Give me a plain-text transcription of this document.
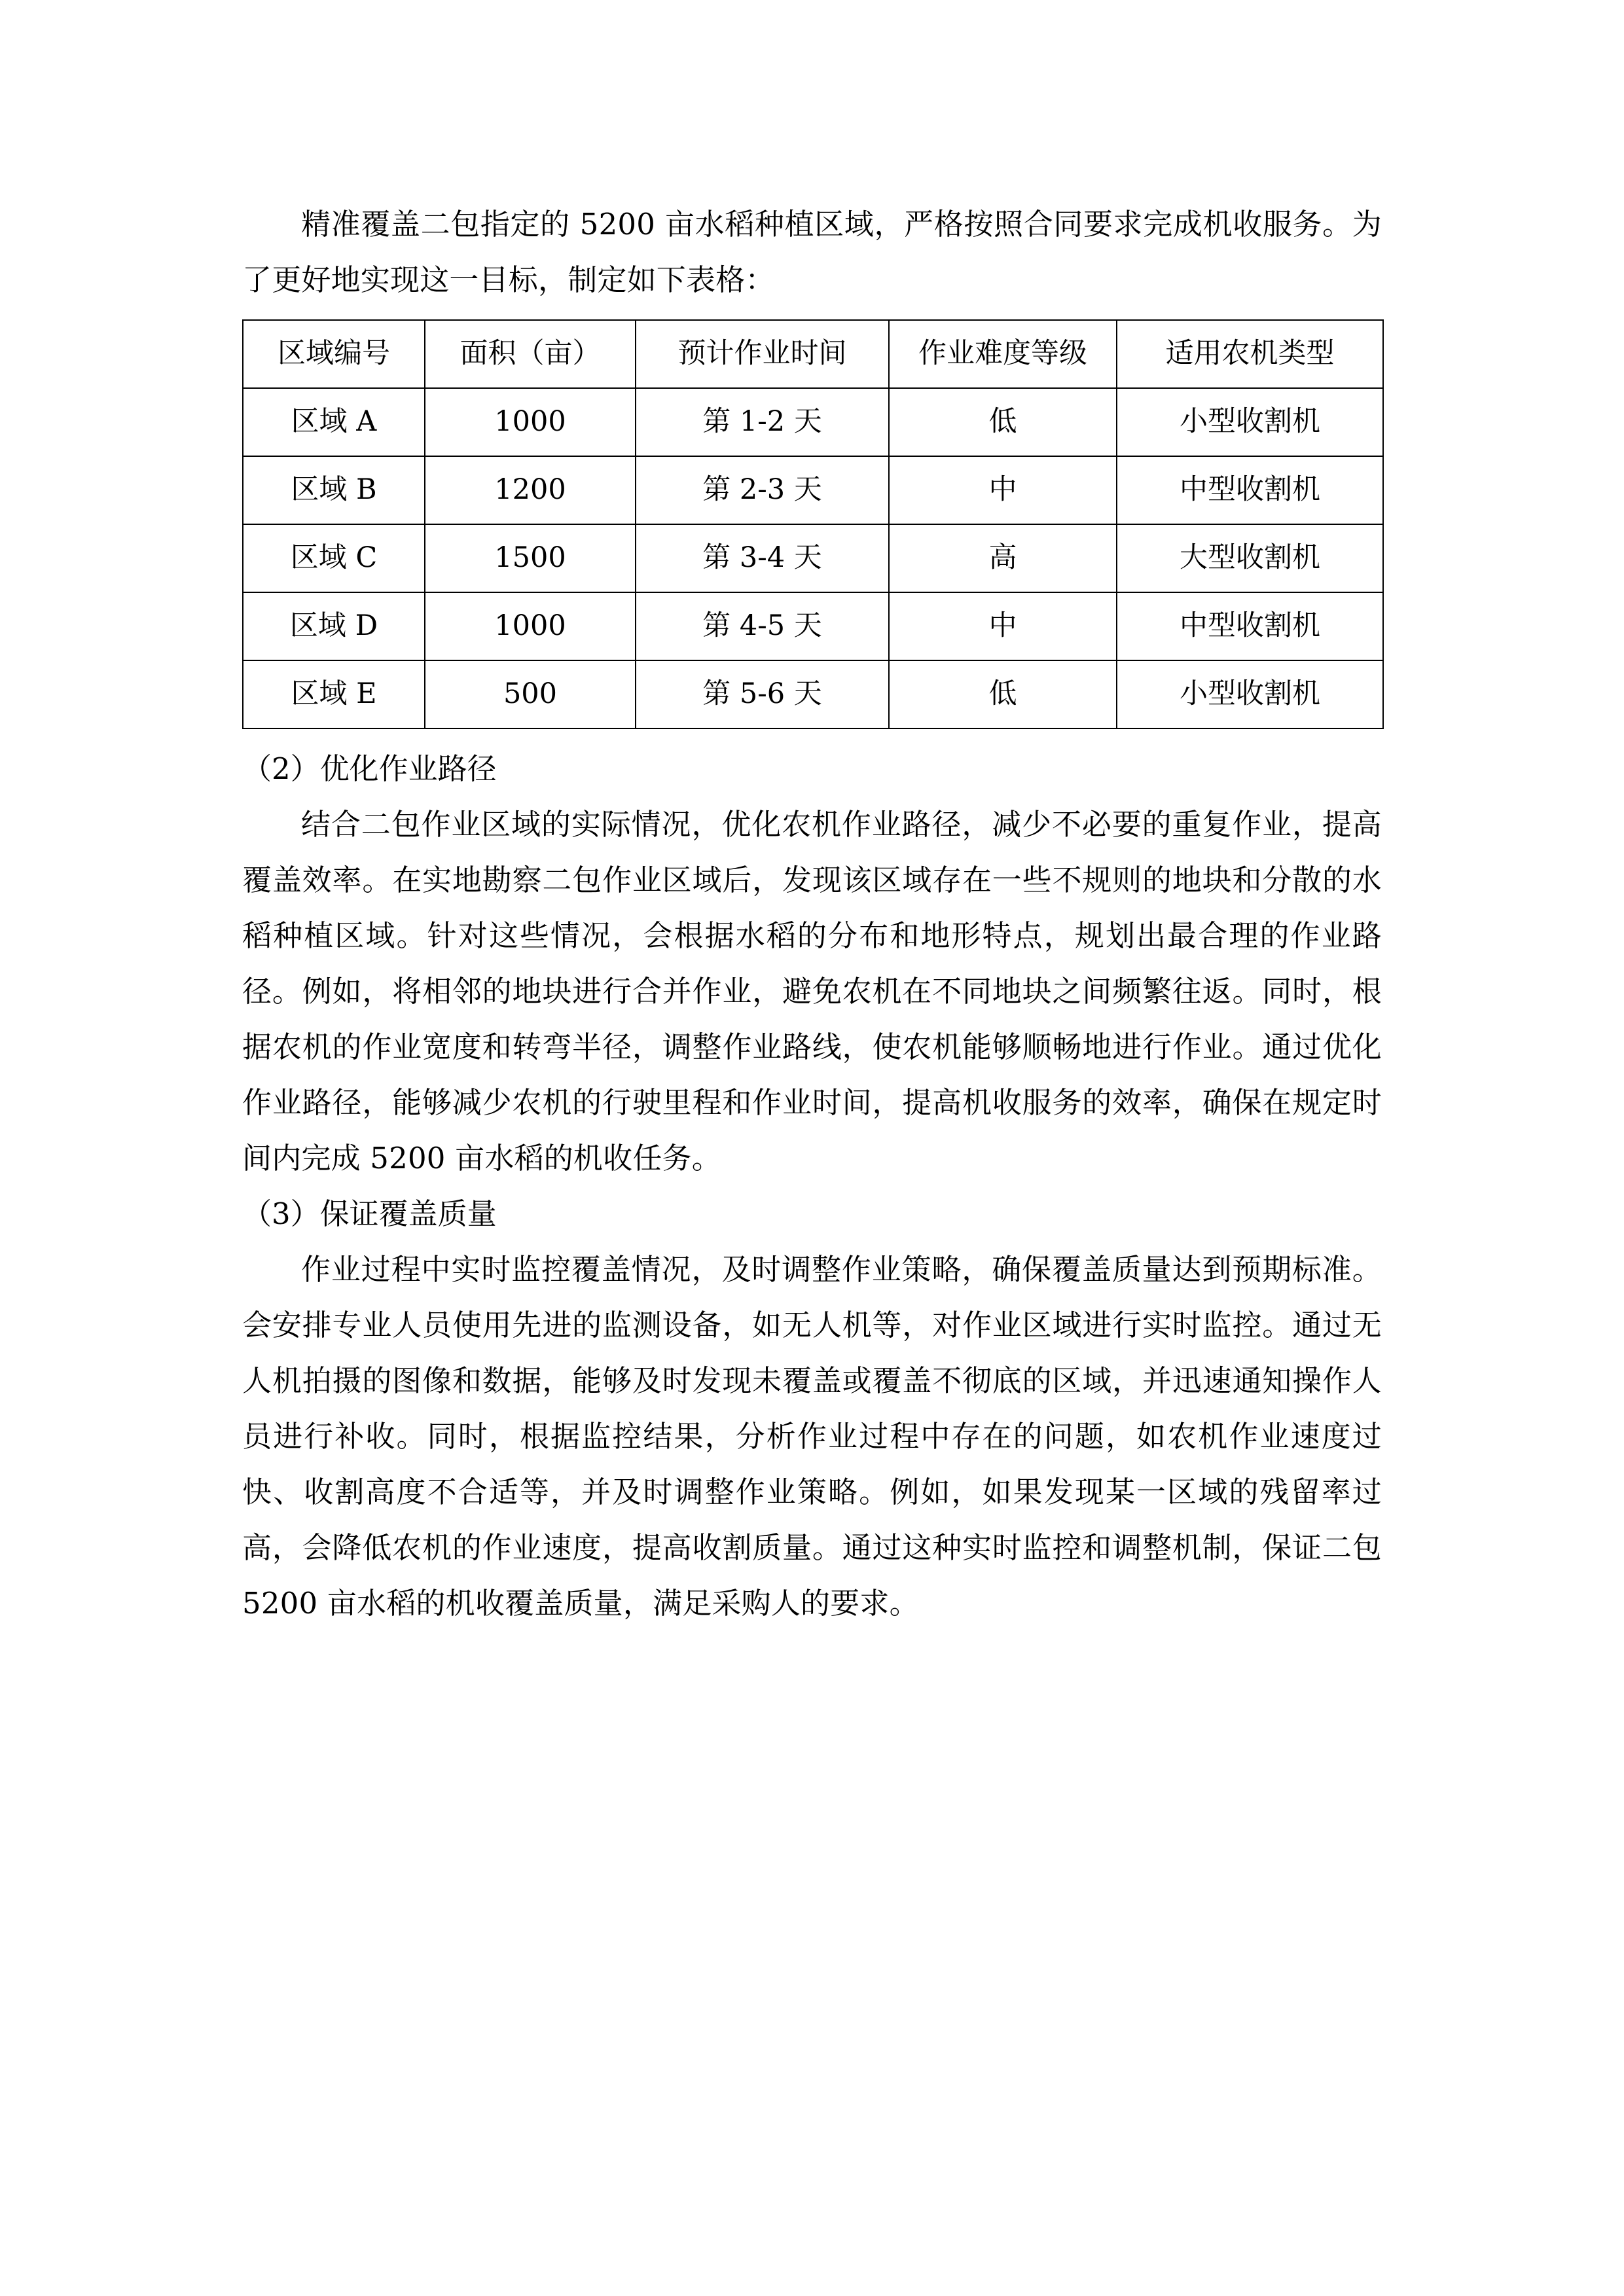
精准覆盖二包指定的 5200 亩水稻种植区域，严格按照合同要求完成机收服务。为了更好地实现这一目标，制定如下表格：

区域编号	面积（亩）	预计作业时间	作业难度等级	适用农机类型
区域 A	1000	第 1-2 天	低	小型收割机
区域 B	1200	第 2-3 天	中	中型收割机
区域 C	1500	第 3-4 天	高	大型收割机
区域 D	1000	第 4-5 天	中	中型收割机
区域 E	500	第 5-6 天	低	小型收割机

（2）优化作业路径

结合二包作业区域的实际情况，优化农机作业路径，减少不必要的重复作业，提高覆盖效率。在实地勘察二包作业区域后，发现该区域存在一些不规则的地块和分散的水稻种植区域。针对这些情况，会根据水稻的分布和地形特点，规划出最合理的作业路径。例如，将相邻的地块进行合并作业，避免农机在不同地块之间频繁往返。同时，根据农机的作业宽度和转弯半径，调整作业路线，使农机能够顺畅地进行作业。通过优化作业路径，能够减少农机的行驶里程和作业时间，提高机收服务的效率，确保在规定时间内完成 5200 亩水稻的机收任务。

（3）保证覆盖质量

作业过程中实时监控覆盖情况，及时调整作业策略，确保覆盖质量达到预期标准。会安排专业人员使用先进的监测设备，如无人机等，对作业区域进行实时监控。通过无人机拍摄的图像和数据，能够及时发现未覆盖或覆盖不彻底的区域，并迅速通知操作人员进行补收。同时，根据监控结果，分析作业过程中存在的问题，如农机作业速度过快、收割高度不合适等，并及时调整作业策略。例如，如果发现某一区域的残留率过高，会降低农机的作业速度，提高收割质量。通过这种实时监控和调整机制，保证二包 5200 亩水稻的机收覆盖质量，满足采购人的要求。
